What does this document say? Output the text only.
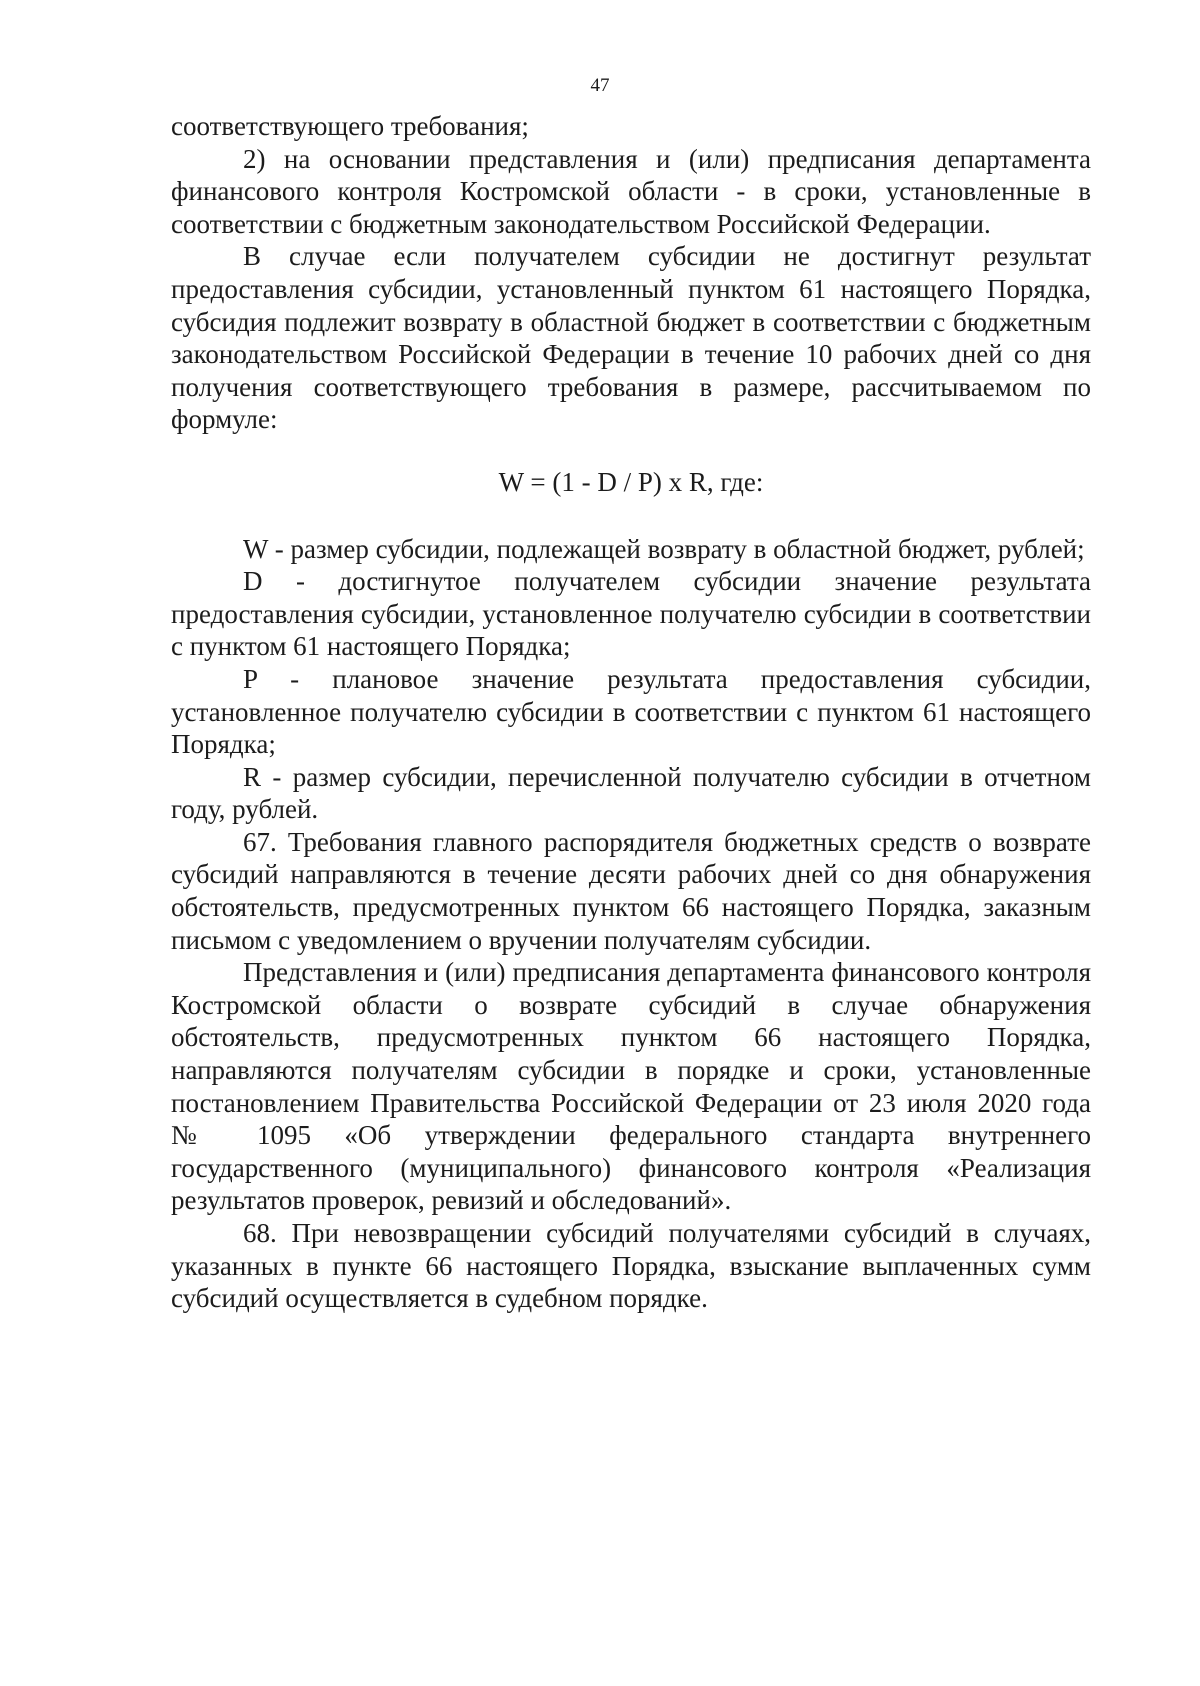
47

соответствующего требования;

2) на основании представления и (или) предписания департамента финансового контроля Костромской области - в сроки, установленные в соответствии с бюджетным законодательством Российской Федерации.

В случае если получателем субсидии не достигнут результат предоставления субсидии, установленный пунктом 61 настоящего Порядка, субсидия подлежит возврату в областной бюджет в соответствии с бюджетным законодательством Российской Федерации в течение 10 рабочих дней со дня получения соответствующего требования в размере, рассчитываемом по формуле:

W = (1 - D / P) x R, где:

W - размер субсидии, подлежащей возврату в областной бюджет, рублей;

D - достигнутое получателем субсидии значение результата предоставления субсидии, установленное получателю субсидии в соответствии с пунктом 61 настоящего Порядка;

P - плановое значение результата предоставления субсидии, установленное получателю субсидии в соответствии с пунктом 61 настоящего Порядка;

R - размер субсидии, перечисленной получателю субсидии в отчетном году, рублей.

67. Требования главного распорядителя бюджетных средств о возврате субсидий направляются в течение десяти рабочих дней со дня обнаружения обстоятельств, предусмотренных пунктом 66 настоящего Порядка, заказным письмом с уведомлением о вручении получателям субсидии.

Представления и (или) предписания департамента финансового контроля Костромской области о возврате субсидий в случае обнаружения обстоятельств, предусмотренных пунктом 66 настоящего Порядка, направляются получателям субсидии в порядке и сроки, установленные постановлением Правительства Российской Федерации от 23 июля 2020 года № 1095 «Об утверждении федерального стандарта внутреннего государственного (муниципального) финансового контроля «Реализация результатов проверок, ревизий и обследований».

68. При невозвращении субсидий получателями субсидий в случаях, указанных в пункте 66 настоящего Порядка, взыскание выплаченных сумм субсидий осуществляется в судебном порядке.
